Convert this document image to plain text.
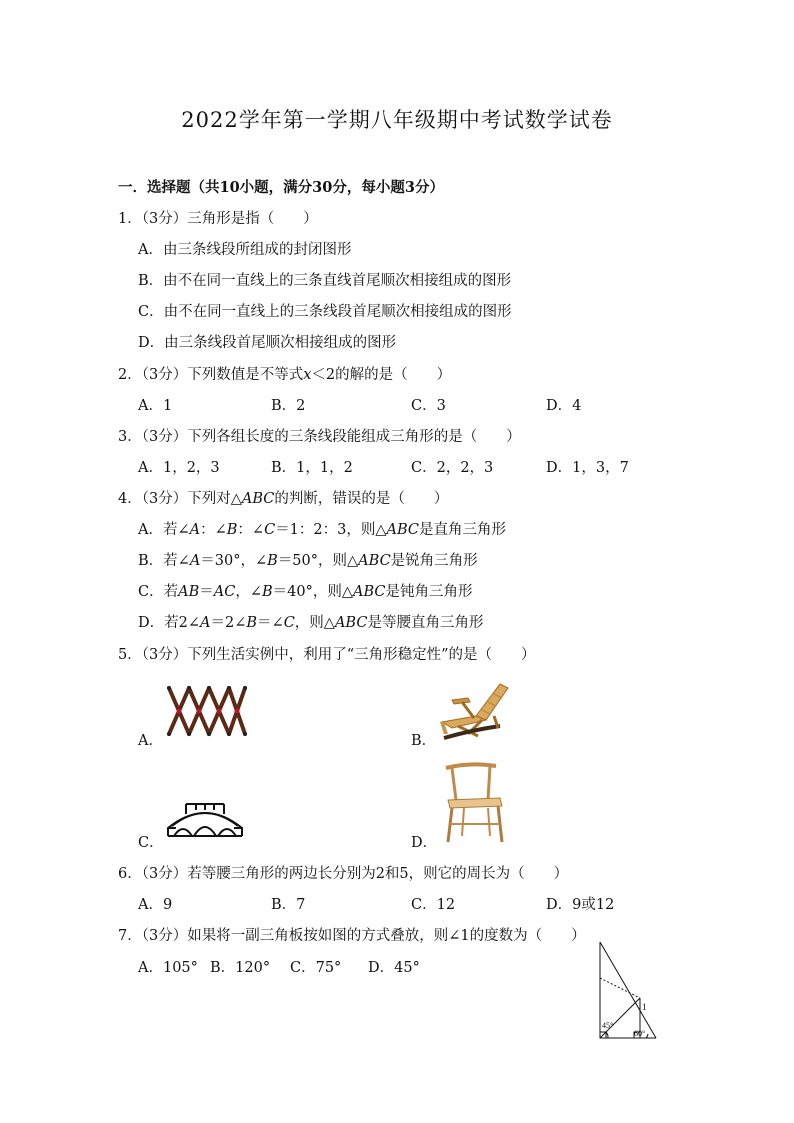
2022学年第一学期八年级期中考试数学试卷
一．选择题（共10小题，满分30分，每小题3分）
1．（3分）三角形是指（　　）
A．由三条线段所组成的封闭图形
B．由不在同一直线上的三条直线首尾顺次相接组成的图形
C．由不在同一直线上的三条线段首尾顺次相接组成的图形
D．由三条线段首尾顺次相接组成的图形
2．（3分）下列数值是不等式x＜2的解的是（　　）
A．1	B．2	C．3	D．4
3．（3分）下列各组长度的三条线段能组成三角形的是（　　）
A．1，2，3	B．1，1，2	C．2，2，3	D．1，3，7
4．（3分）下列对△ABC的判断，错误的是（　　）
A．若∠A：∠B：∠C＝1：2：3，则△ABC是直角三角形
B．若∠A＝30°，∠B＝50°，则△ABC是锐角三角形
C．若AB＝AC，∠B＝40°，则△ABC是钝角三角形
D．若2∠A＝2∠B＝∠C，则△ABC是等腰直角三角形
5．（3分）下列生活实例中，利用了“三角形稳定性”的是（　　）
A．	B．
C．	D．
6．（3分）若等腰三角形的两边长分别为2和5，则它的周长为（　　）
A．9	B．7	C．12	D．9或12
7．（3分）如果将一副三角板按如图的方式叠放，则∠1的度数为（　　）
A．105° B．120° C．75° D．45°
1
45°
60°
